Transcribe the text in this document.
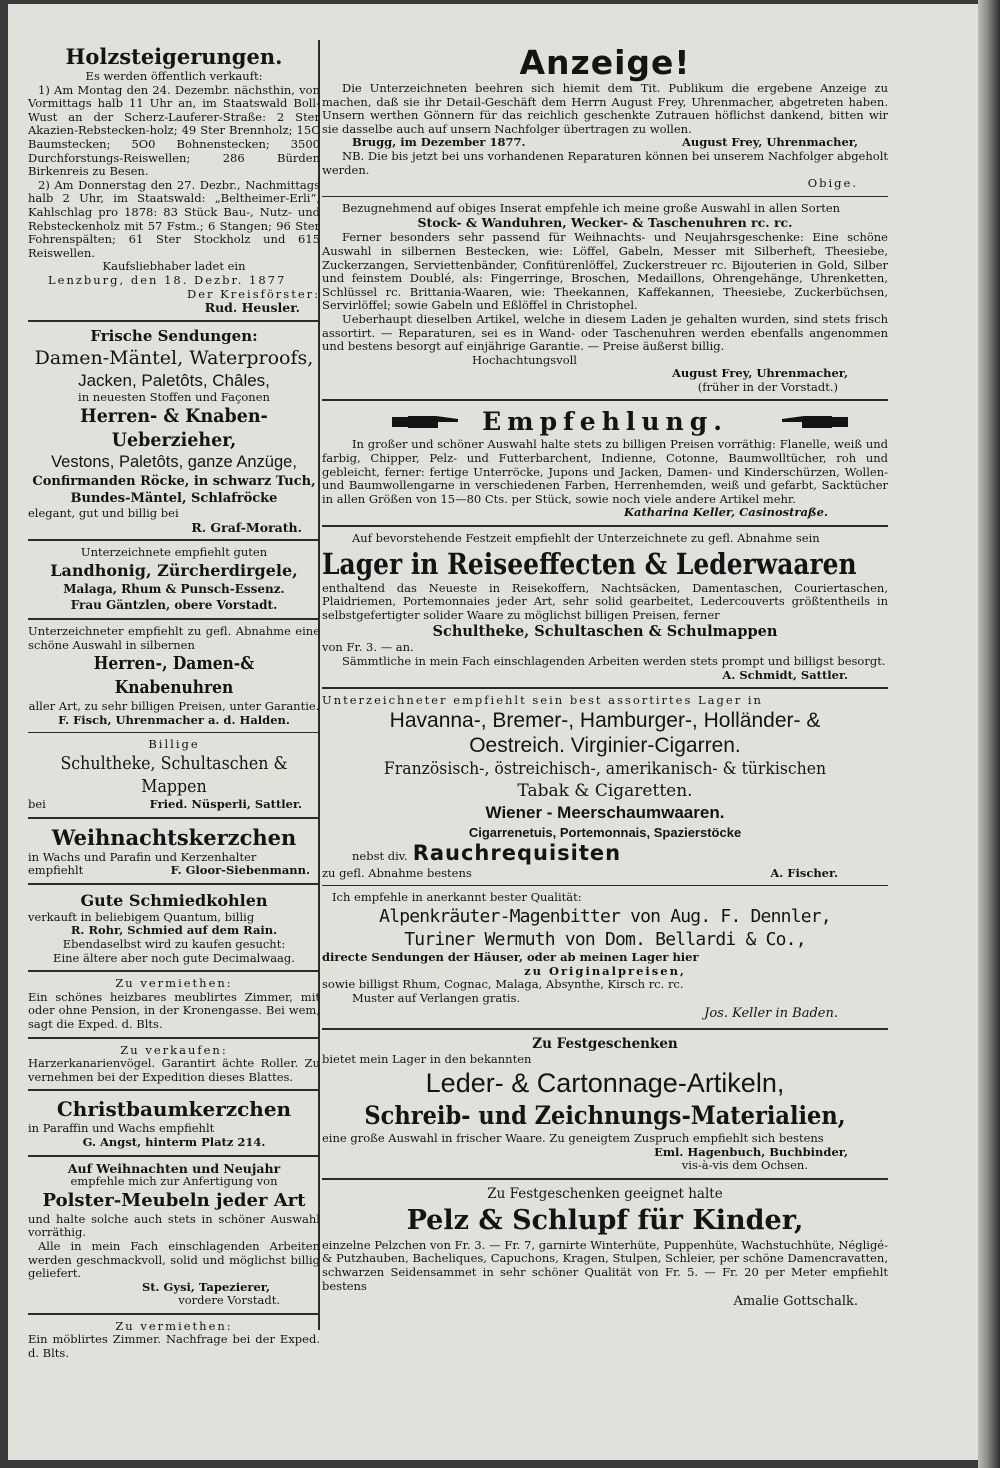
Holzsteigerungen.

Es werden öffentlich verkauft:

1) Am Montag den 24. Dezembr. nächsthin, von Vormittags halb 11 Uhr an, im Staatswald Boll-Wust an der Scherz-Lauferer-Straße: 2 Ster Akazien-Rebstecken-holz; 49 Ster Brennholz; 15C Baumstecken; 5O0 Bohnenstecken; 3500 Durchforstungs-Reiswellen; 286 Bürden Birkenreis zu Besen.

2) Am Donnerstag den 27. Dezbr., Nachmittags halb 2 Uhr, im Staatswald: „Beltheimer-Erli“, Kahlschlag pro 1878: 83 Stück Bau-, Nutz- und Rebsteckenholz mit 57 Fstm.; 6 Stangen; 96 Ster Fohrenspälten; 61 Ster Stockholz und 615 Reiswellen.

Kaufsliebhaber ladet ein

Lenzburg, den 18. Dezbr. 1877

Der Kreisförster:

Rud. Heusler.

Frische Sendungen:

Damen-Mäntel, Waterproofs,

Jacken, Paletôts, Châles,

in neuesten Stoffen und Façonen

Herren- & Knaben-Ueberzieher,

Vestons, Paletôts, ganze Anzüge,

Confirmanden Röcke, in schwarz Tuch,

Bundes-Mäntel, Schlafröcke

elegant, gut und billig bei

R. Graf-Morath.

Unterzeichnete empfiehlt guten

Landhonig, Zürcherdirgele,

Malaga, Rhum & Punsch-Essenz.

Frau Gäntzlen, obere Vorstadt.

Unterzeichneter empfiehlt zu gefl. Abnahme eine schöne Auswahl in silbernen

Herren-, Damen-& Knabenuhren

aller Art, zu sehr billigen Preisen, unter Garantie.

F. Fisch, Uhrenmacher a. d. Halden.

Billige

Schultheke, Schultaschen & Mappen

bei	Fried. Nüsperli, Sattler.

Weihnachtskerzchen

in Wachs und Parafin und Kerzenhalter

empfiehlt	F. Gloor-Siebenmann.

Gute Schmiedkohlen

verkauft in beliebigem Quantum, billig

R. Rohr, Schmied auf dem Rain.

Ebendaselbst wird zu kaufen gesucht:

Eine ältere aber noch gute Decimalwaag.

Zu vermiethen:

Ein schönes heizbares meublirtes Zimmer, mit oder ohne Pension, in der Kronengasse. Bei wem, sagt die Exped. d. Blts.

Zu verkaufen:

Harzerkanarienvögel. Garantirt ächte Roller. Zu vernehmen bei der Expedition dieses Blattes.

Christbaumkerzchen

in Paraffin und Wachs empfiehlt

G. Angst, hinterm Platz 214.

Auf Weihnachten und Neujahr

empfehle mich zur Anfertigung von

Polster-Meubeln jeder Art

und halte solche auch stets in schöner Auswahl vorräthig.

Alle in mein Fach einschlagenden Arbeiten werden geschmackvoll, solid und möglichst billig geliefert.

St. Gysi, Tapezierer,

vordere Vorstadt.

Zu vermiethen:

Ein möblirtes Zimmer. Nachfrage bei der Exped. d. Blts.

Anzeige!

Die Unterzeichneten beehren sich hiemit dem Tit. Publikum die ergebene Anzeige zu machen, daß sie ihr Detail-Geschäft dem Herrn August Frey, Uhrenmacher, abgetreten haben. Unsern werthen Gönnern für das reichlich geschenkte Zutrauen höflichst dankend, bitten wir sie dasselbe auch auf unsern Nachfolger übertragen zu wollen.

Brugg, im Dezember 1877.	August Frey, Uhrenmacher,

NB. Die bis jetzt bei uns vorhandenen Reparaturen können bei unserem Nachfolger abgeholt werden.

Obige.

Bezugnehmend auf obiges Inserat empfehle ich meine große Auswahl in allen Sorten

Stock- & Wanduhren, Wecker- & Taschenuhren rc. rc.

Ferner besonders sehr passend für Weihnachts- und Neujahrsgeschenke: Eine schöne Auswahl in silbernen Bestecken, wie: Löffel, Gabeln, Messer mit Silberheft, Theesiebe, Zuckerzangen, Serviettenbänder, Confitürenlöffel, Zuckerstreuer rc. Bijouterien in Gold, Silber und feinstem Doublé, als: Fingerringe, Broschen, Medaillons, Ohrengehänge, Uhrenketten, Schlüssel rc. Brittania-Waaren, wie: Theekannen, Kaffekannen, Theesiebe, Zuckerbüchsen, Servirlöffel; sowie Gabeln und Eßlöffel in Christophel.

Ueberhaupt dieselben Artikel, welche in diesem Laden je gehalten wurden, sind stets frisch assortirt. — Reparaturen, sei es in Wand- oder Taschenuhren werden ebenfalls angenommen und bestens besorgt auf einjährige Garantie. — Preise äußerst billig.

Hochachtungsvoll

August Frey, Uhrenmacher,

(früher in der Vorstadt.)

Empfehlung.

In großer und schöner Auswahl halte stets zu billigen Preisen vorräthig: Flanelle, weiß und farbig, Chipper, Pelz- und Futterbarchent, Indienne, Cotonne, Baumwolltücher, roh und gebleicht, ferner: fertige Unterröcke, Jupons und Jacken, Damen- und Kinderschürzen, Wollen- und Baumwollengarne in verschiedenen Farben, Herrenhemden, weiß und gefarbt, Sacktücher in allen Größen von 15—80 Cts. per Stück, sowie noch viele andere Artikel mehr.

Katharina Keller, Casinostraße.

Auf bevorstehende Festzeit empfiehlt der Unterzeichnete zu gefl. Abnahme sein

Lager in Reiseeffecten & Lederwaaren

enthaltend das Neueste in Reisekoffern, Nachtsäcken, Damentaschen, Couriertaschen, Plaidriemen, Portemonnaies jeder Art, sehr solid gearbeitet, Ledercouverts größtentheils in selbstgefertigter solider Waare zu möglichst billigen Preisen, ferner

Schultheke, Schultaschen & Schulmappen

von Fr. 3. — an.

Sämmtliche in mein Fach einschlagenden Arbeiten werden stets prompt und billigst besorgt.

A. Schmidt, Sattler.

Unterzeichneter empfiehlt sein best assortirtes Lager in

Havanna-, Bremer-, Hamburger-, Holländer- &

Oestreich. Virginier-Cigarren.

Französisch-, östreichisch-, amerikanisch- & türkischen

Tabak & Cigaretten.

Wiener - Meerschaumwaaren.

Cigarrenetuis, Portemonnais, Spazierstöcke

nebst div. Rauchrequisiten

zu gefl. Abnahme bestens	A. Fischer.

Ich empfehle in anerkannt bester Qualität:

Alpenkräuter-Magenbitter von Aug. F. Dennler,

Turiner Wermuth von Dom. Bellardi & Co.,

directe Sendungen der Häuser, oder ab meinen Lager hier

zu Originalpreisen,

sowie billigst Rhum, Cognac, Malaga, Absynthe, Kirsch rc. rc.

Muster auf Verlangen gratis.

Jos. Keller in Baden.

Zu Festgeschenken

bietet mein Lager in den bekannten

Leder- & Cartonnage-Artikeln,

Schreib- und Zeichnungs-Materialien,

eine große Auswahl in frischer Waare. Zu geneigtem Zuspruch empfiehlt sich bestens

Eml. Hagenbuch, Buchbinder,

vis-à-vis dem Ochsen.

Zu Festgeschenken geeignet halte

Pelz & Schlupf für Kinder,

einzelne Pelzchen von Fr. 3. — Fr. 7, garnirte Winterhüte, Puppenhüte, Wachstuchhüte, Négligé- & Putzhauben, Bacheliques, Capuchons, Kragen, Stulpen, Schleier, per schöne Damencravatten, schwarzen Seidensammet in sehr schöner Qualität von Fr. 5. — Fr. 20 per Meter empfiehlt bestens

Amalie Gottschalk.
